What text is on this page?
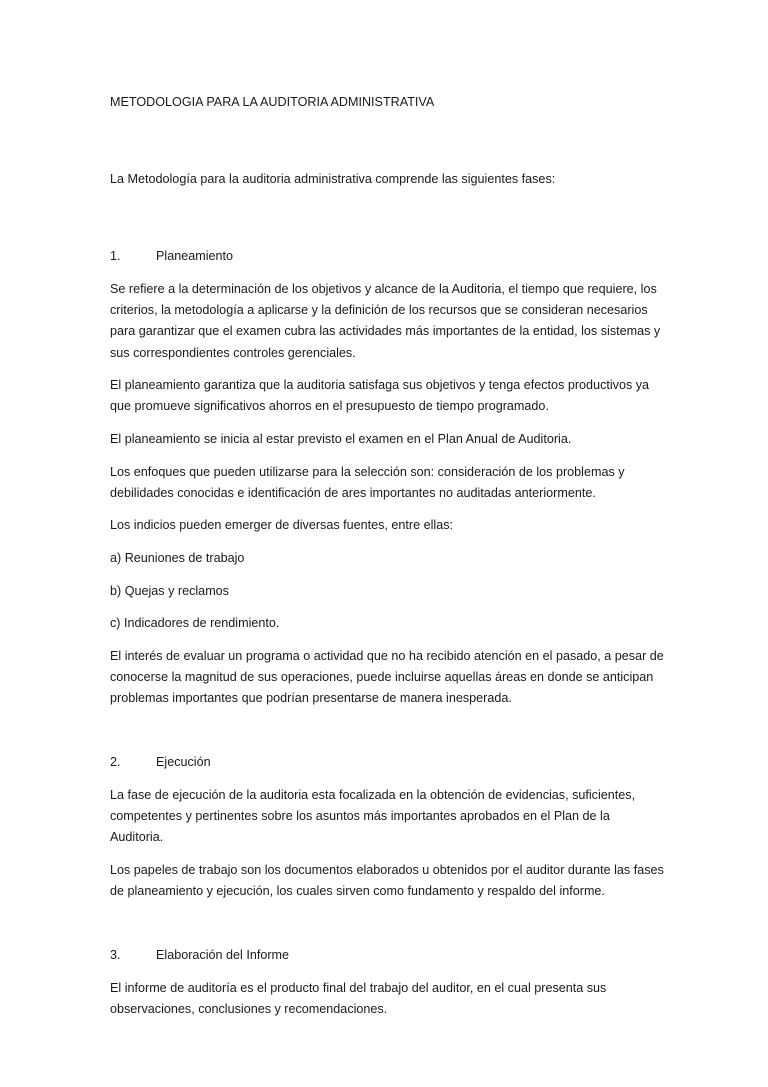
METODOLOGIA PARA LA AUDITORIA ADMINISTRATIVA

La Metodología para la auditoria administrativa comprende las siguientes fases:

1.	Planeamiento

Se refiere a la determinación de los objetivos y alcance de la Auditoria, el tiempo que requiere, los criterios, la metodología a aplicarse y la definición de los recursos que se consideran necesarios para garantizar que el examen cubra las actividades más importantes de la entidad, los sistemas y sus correspondientes controles gerenciales.

El planeamiento garantiza que la auditoria satisfaga sus objetivos y tenga efectos productivos ya que promueve significativos ahorros en el presupuesto de tiempo programado.

El planeamiento se inicia al estar previsto el examen en el Plan Anual de Auditoria.

Los enfoques que pueden utilizarse para la selección son: consideración de los problemas y debilidades conocidas e identificación de ares importantes no auditadas anteriormente.

Los indicios pueden emerger de diversas fuentes, entre ellas:

a) Reuniones de trabajo

b) Quejas y reclamos

c) Indicadores de rendimiento.

El interés de evaluar un programa o actividad que no ha recibido atención en el pasado, a pesar de conocerse la magnitud de sus operaciones, puede incluirse aquellas áreas en donde se anticipan problemas importantes que podrían presentarse de manera inesperada.

2.	Ejecución

La fase de ejecución de la auditoria esta focalizada en la obtención de evidencias, suficientes, competentes y pertinentes sobre los asuntos más importantes aprobados en el Plan de la Auditoria.

Los papeles de trabajo son los documentos elaborados u obtenidos por el auditor durante las fases de planeamiento y ejecución, los cuales sirven como fundamento y respaldo del informe.

3.	Elaboración del Informe

El informe de auditoría es el producto final del trabajo del auditor, en el cual presenta sus observaciones, conclusiones y recomendaciones.
